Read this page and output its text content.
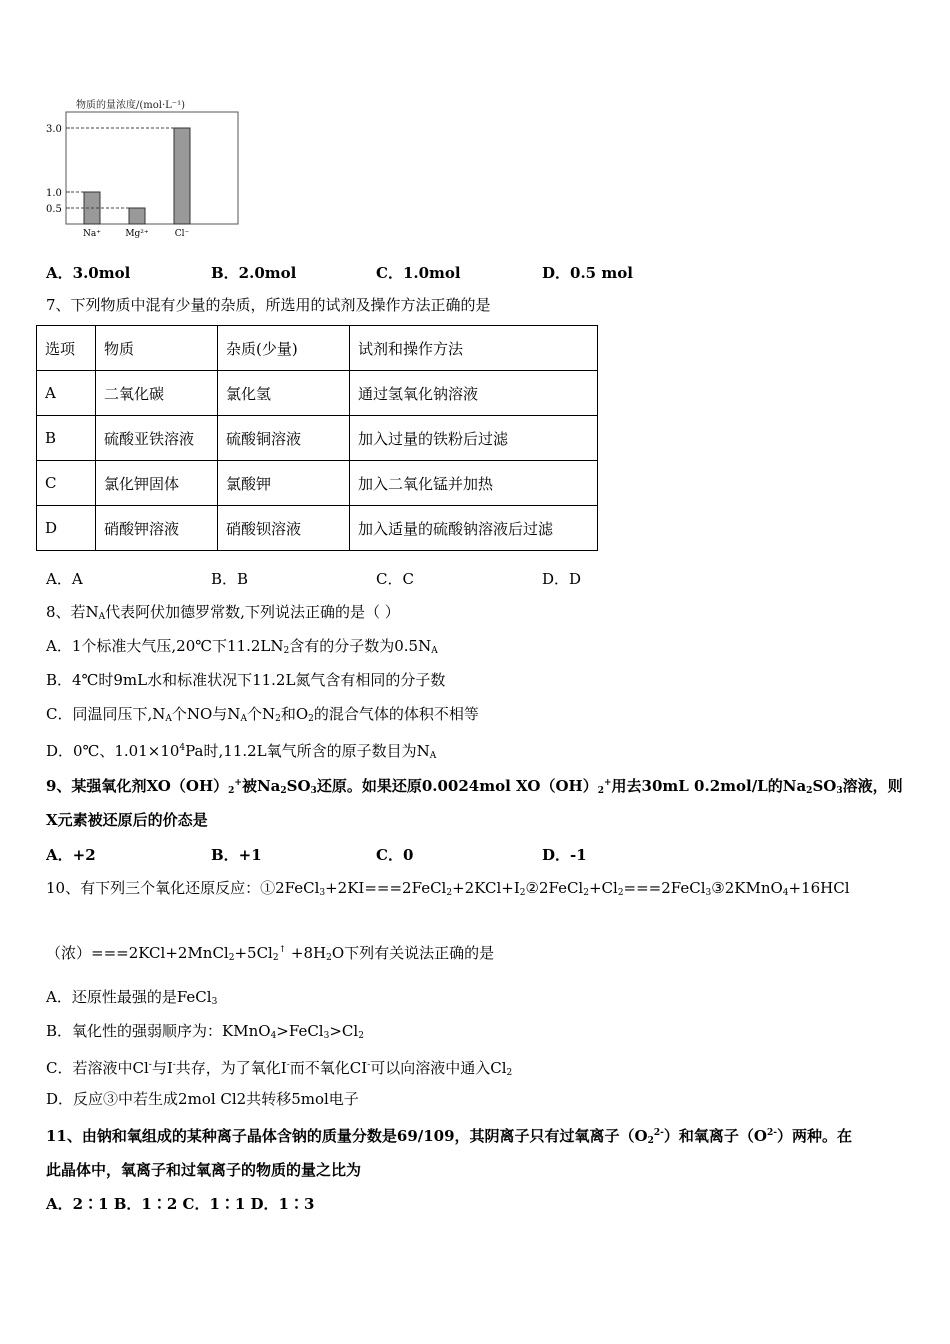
物质的量浓度/(mol·L⁻¹)
3.0
1.0
0.5
Na⁺	Mg²⁺	Cl⁻
A．3.0mol	B．2.0mol	C．1.0mol	D．0.5 mol
7、下列物质中混有少量的杂质，所选用的试剂及操作方法正确的是
选项	物质	杂质(少量)	试剂和操作方法
A	二氧化碳	氯化氢	通过氢氧化钠溶液
B	硫酸亚铁溶液	硫酸铜溶液	加入过量的铁粉后过滤
C	氯化钾固体	氯酸钾	加入二氧化锰并加热
D	硝酸钾溶液	硝酸钡溶液	加入适量的硫酸钠溶液后过滤
A．A	B．B	C．C	D．D
8、若$N_A$代表阿伏加德罗常数,下列说法正确的是（ ）
A．1个标准大气压,20℃下$11.2LN_2$含有的分子数为$0.5N_A$
B．4℃时9mL水和标准状况下11.2L氮气含有相同的分子数
C．同温同压下$,N_A$个NO与$N_A$个$N_2$和$O_2$的混合气体的体积不相等
D．0℃、$1.01\times 10^4Pa$时,11.2L氧气所含的原子数目为$N_A$
9、某强氧化剂$XO(OH)_2^+$被$Na_2SO_3$还原。如果还原0.0024mol $XO(OH)_2^+$用去30mL 0.2mol/L的$Na_2SO_3$溶液，则
X元素被还原后的价态是
A．+2	B．+1	C．0	D．-1
10、有下列三个氧化还原反应：$①2FeCl_3+2KI===2FeCl_2+2KCl+I_2②2FeCl_2+Cl_2===2FeCl_3③2KMnO_4+16HCl$
（浓）$===2KCl+2MnCl_2+5Cl_2^↑ +8H_2O$下列有关说法正确的是
A．还原性最强的是FeCl$_3$
B．氧化性的强弱顺序为：$KMnO_4>FeCl_3>Cl_2$
C．若溶液中Cl-与I-共存，为了氧化I-而不氧化CI-可以向溶液中通入$Cl_2$
D．反应③中若生成2mol Cl2共转移5mol电子
11、由钠和氧组成的某种离子晶体含钠的质量分数是69/109，其阴离子只有过氧离子$(O_2^{2-})$和氧离子$(O^{2-})$两种。在
此晶体中，氧离子和过氧离子的物质的量之比为
A．2∶1 B．1∶2 C．1∶1 D．1∶3
